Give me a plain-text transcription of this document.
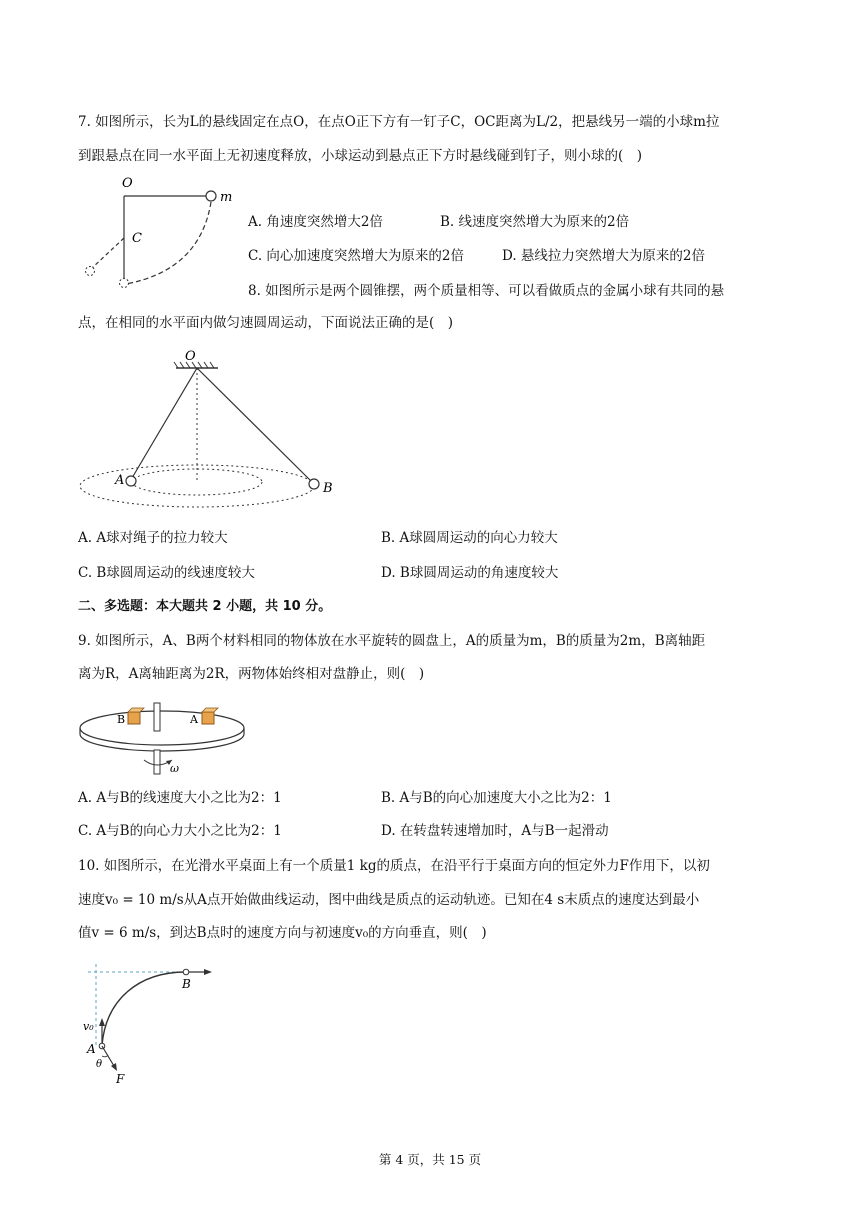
7. 如图所示，长为L的悬线固定在点O，在点O正下方有一钉子C，OC距离为L/2，把悬线另一端的小球m拉
到跟悬点在同一水平面上无初速度释放，小球运动到悬点正下方时悬线碰到钉子，则小球的(　)
O
m
C
A. 角速度突然增大2倍	B. 线速度突然增大为原来的2倍
C. 向心加速度突然增大为原来的2倍	D. 悬线拉力突然增大为原来的2倍
8. 如图所示是两个圆锥摆，两个质量相等、可以看做质点的金属小球有共同的悬
点，在相同的水平面内做匀速圆周运动，下面说法正确的是(　)
O
A
B
A. A球对绳子的拉力较大	B. A球圆周运动的向心力较大
C. B球圆周运动的线速度较大	D. B球圆周运动的角速度较大
二、多选题：本大题共 2 小题，共 10 分。
9. 如图所示，A、B两个材料相同的物体放在水平旋转的圆盘上，A的质量为m，B的质量为2m，B离轴距
离为R，A离轴距离为2R，两物体始终相对盘静止，则(　)
B	A
ω
A. A与B的线速度大小之比为2：1	B. A与B的向心加速度大小之比为2：1
C. A与B的向心力大小之比为2：1	D. 在转盘转速增加时，A与B一起滑动
10. 如图所示，在光滑水平桌面上有一个质量1 kg的质点，在沿平行于桌面方向的恒定外力F作用下，以初
速度v₀ = 10 m/s从A点开始做曲线运动，图中曲线是质点的运动轨迹。已知在4 s末质点的速度达到最小
值v = 6 m/s，到达B点时的速度方向与初速度v₀的方向垂直，则(　)
B
v₀
A
θ
F
第 4 页，共 15 页
